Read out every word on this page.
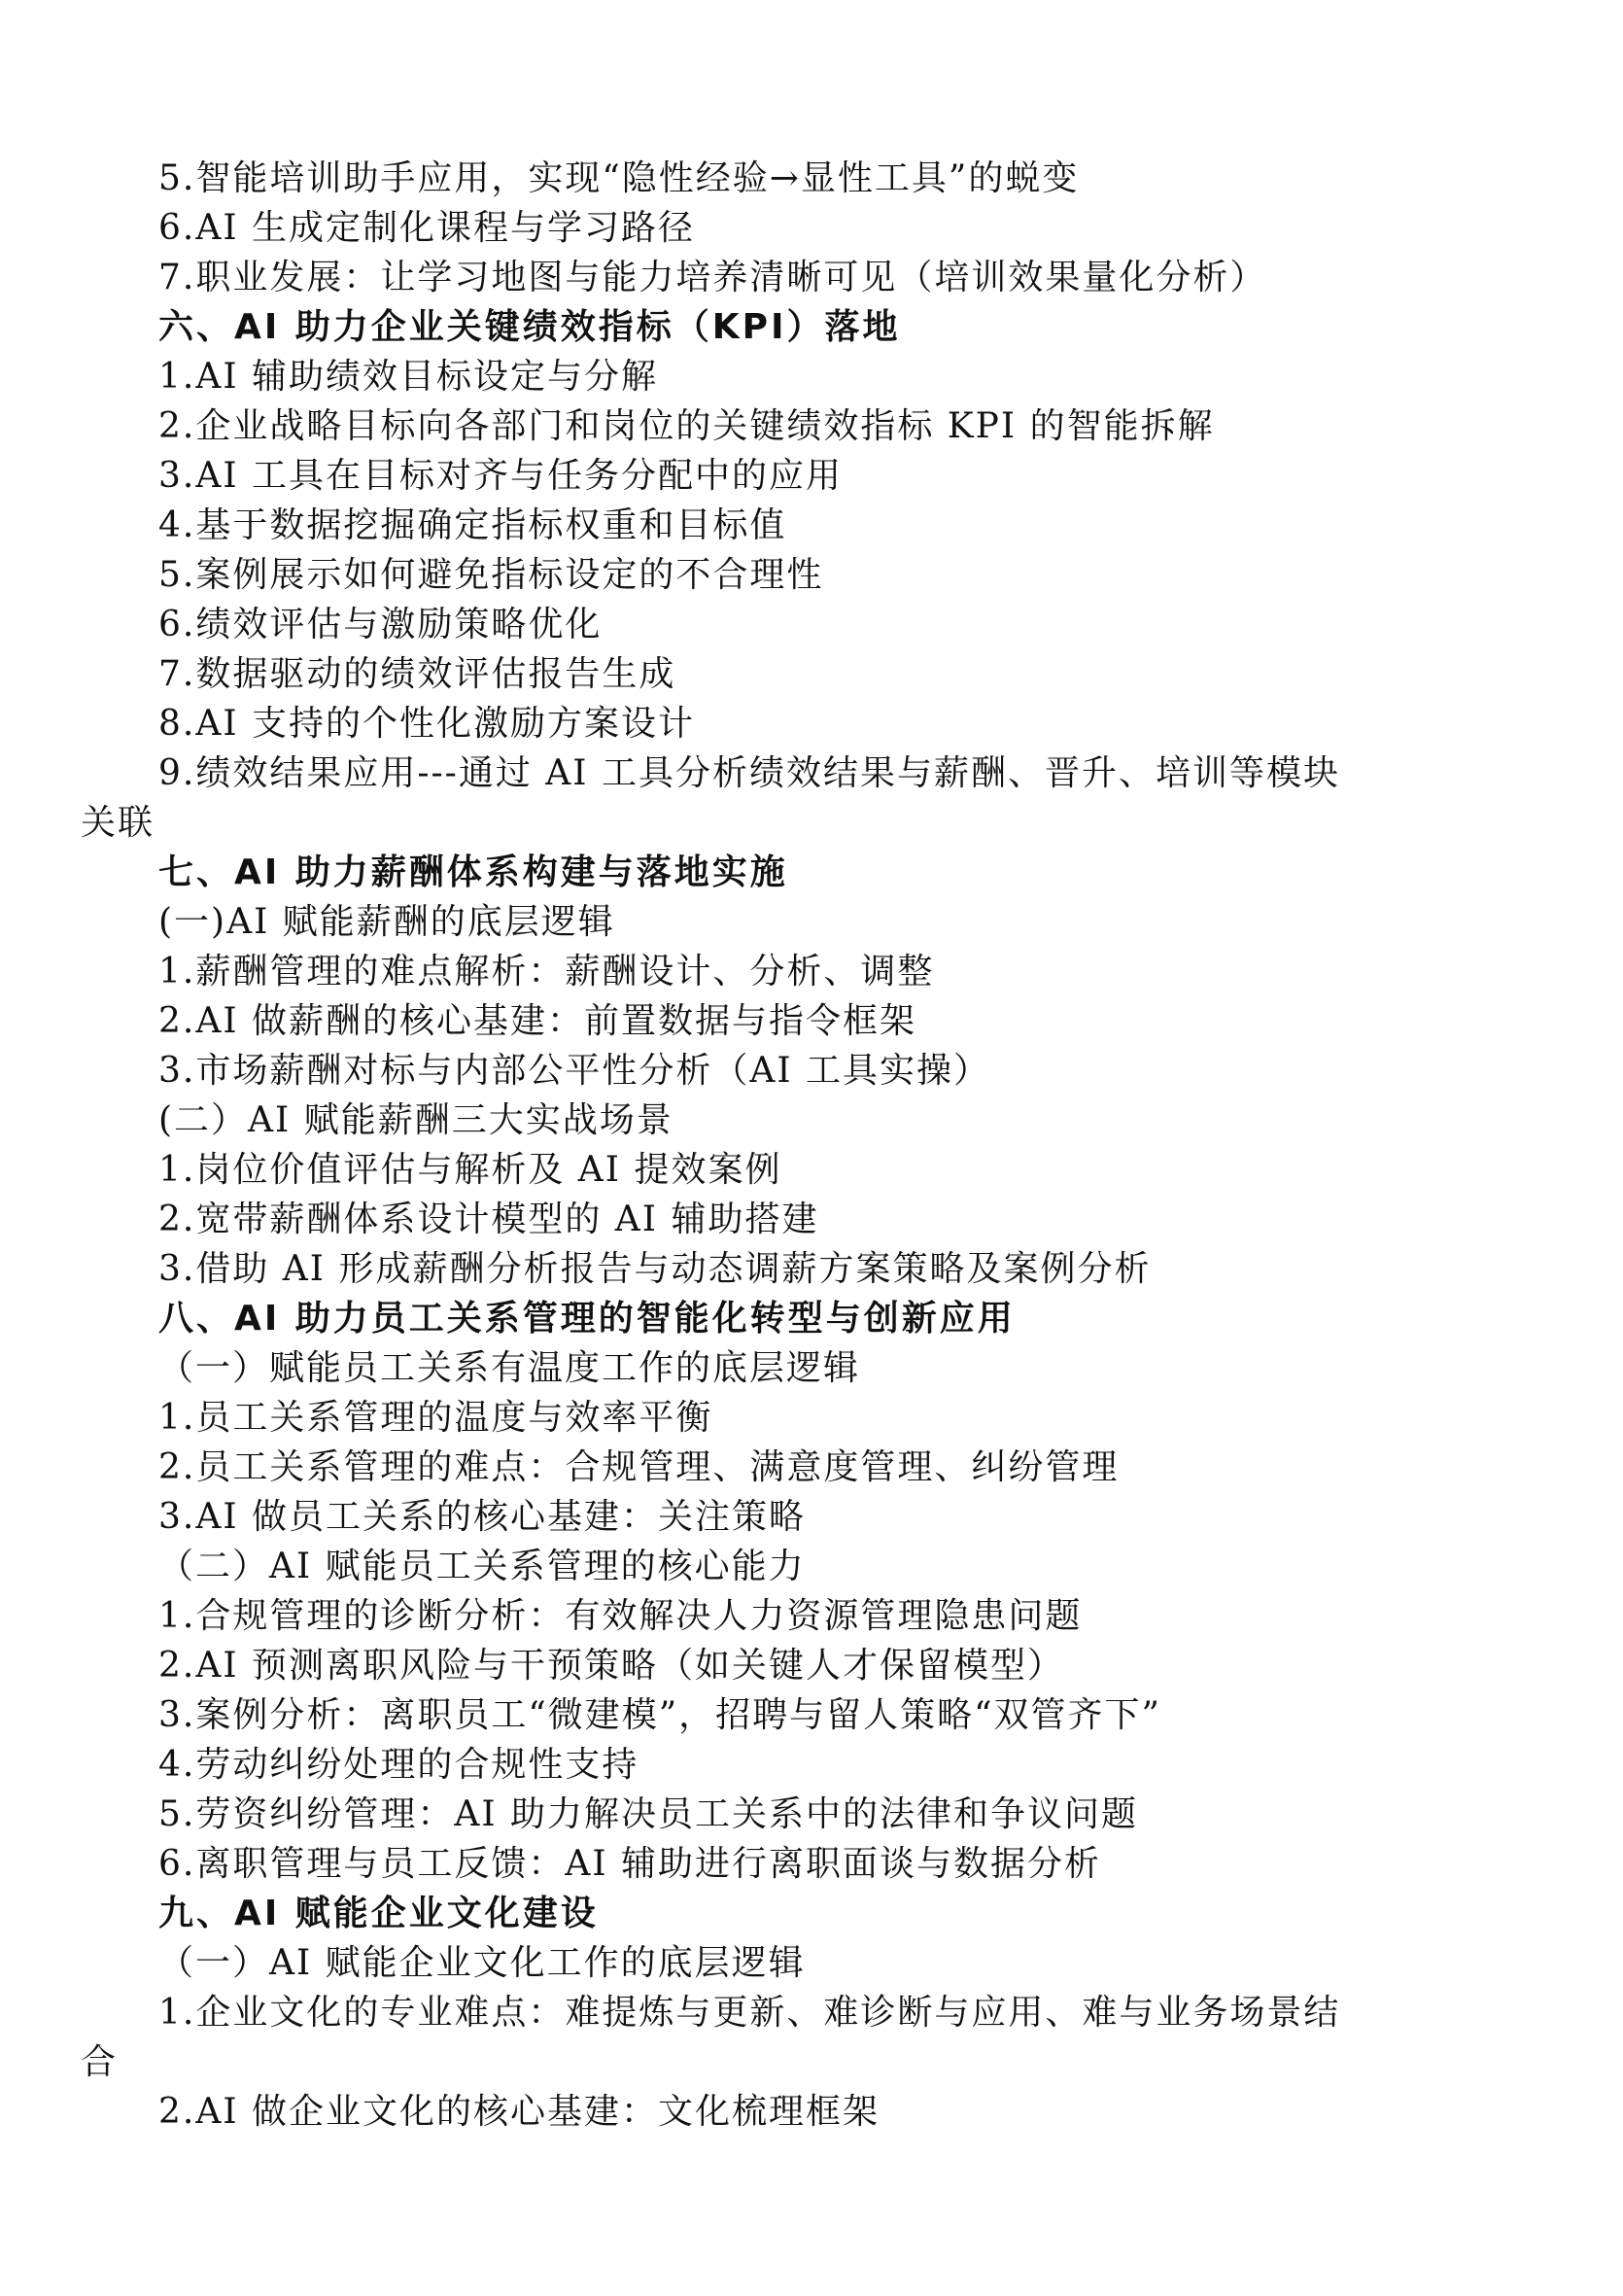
5.智能培训助手应用，实现“隐性经验→显性工具”的蜕变

6.AI 生成定制化课程与学习路径

7.职业发展：让学习地图与能力培养清晰可见（培训效果量化分析）

六、AI 助力企业关键绩效指标（KPI）落地

1.AI 辅助绩效目标设定与分解

2.企业战略目标向各部门和岗位的关键绩效指标 KPI 的智能拆解

3.AI 工具在目标对齐与任务分配中的应用

4.基于数据挖掘确定指标权重和目标值

5.案例展示如何避免指标设定的不合理性

6.绩效评估与激励策略优化

7.数据驱动的绩效评估报告生成

8.AI 支持的个性化激励方案设计

9.绩效结果应用---通过 AI 工具分析绩效结果与薪酬、晋升、培训等模块

关联

七、AI 助力薪酬体系构建与落地实施

(一)AI 赋能薪酬的底层逻辑

1.薪酬管理的难点解析：薪酬设计、分析、调整

2.AI 做薪酬的核心基建：前置数据与指令框架

3.市场薪酬对标与内部公平性分析（AI 工具实操）

(二）AI 赋能薪酬三大实战场景

1.岗位价值评估与解析及 AI 提效案例

2.宽带薪酬体系设计模型的 AI 辅助搭建

3.借助 AI 形成薪酬分析报告与动态调薪方案策略及案例分析

八、AI 助力员工关系管理的智能化转型与创新应用

（一）赋能员工关系有温度工作的底层逻辑

1.员工关系管理的温度与效率平衡

2.员工关系管理的难点：合规管理、满意度管理、纠纷管理

3.AI 做员工关系的核心基建：关注策略

（二）AI 赋能员工关系管理的核心能力

1.合规管理的诊断分析：有效解决人力资源管理隐患问题

2.AI 预测离职风险与干预策略（如关键人才保留模型）

3.案例分析：离职员工“微建模”，招聘与留人策略“双管齐下”

4.劳动纠纷处理的合规性支持

5.劳资纠纷管理：AI 助力解决员工关系中的法律和争议问题

6.离职管理与员工反馈：AI 辅助进行离职面谈与数据分析

九、AI 赋能企业文化建设

（一）AI 赋能企业文化工作的底层逻辑

1.企业文化的专业难点：难提炼与更新、难诊断与应用、难与业务场景结

合

2.AI 做企业文化的核心基建：文化梳理框架
